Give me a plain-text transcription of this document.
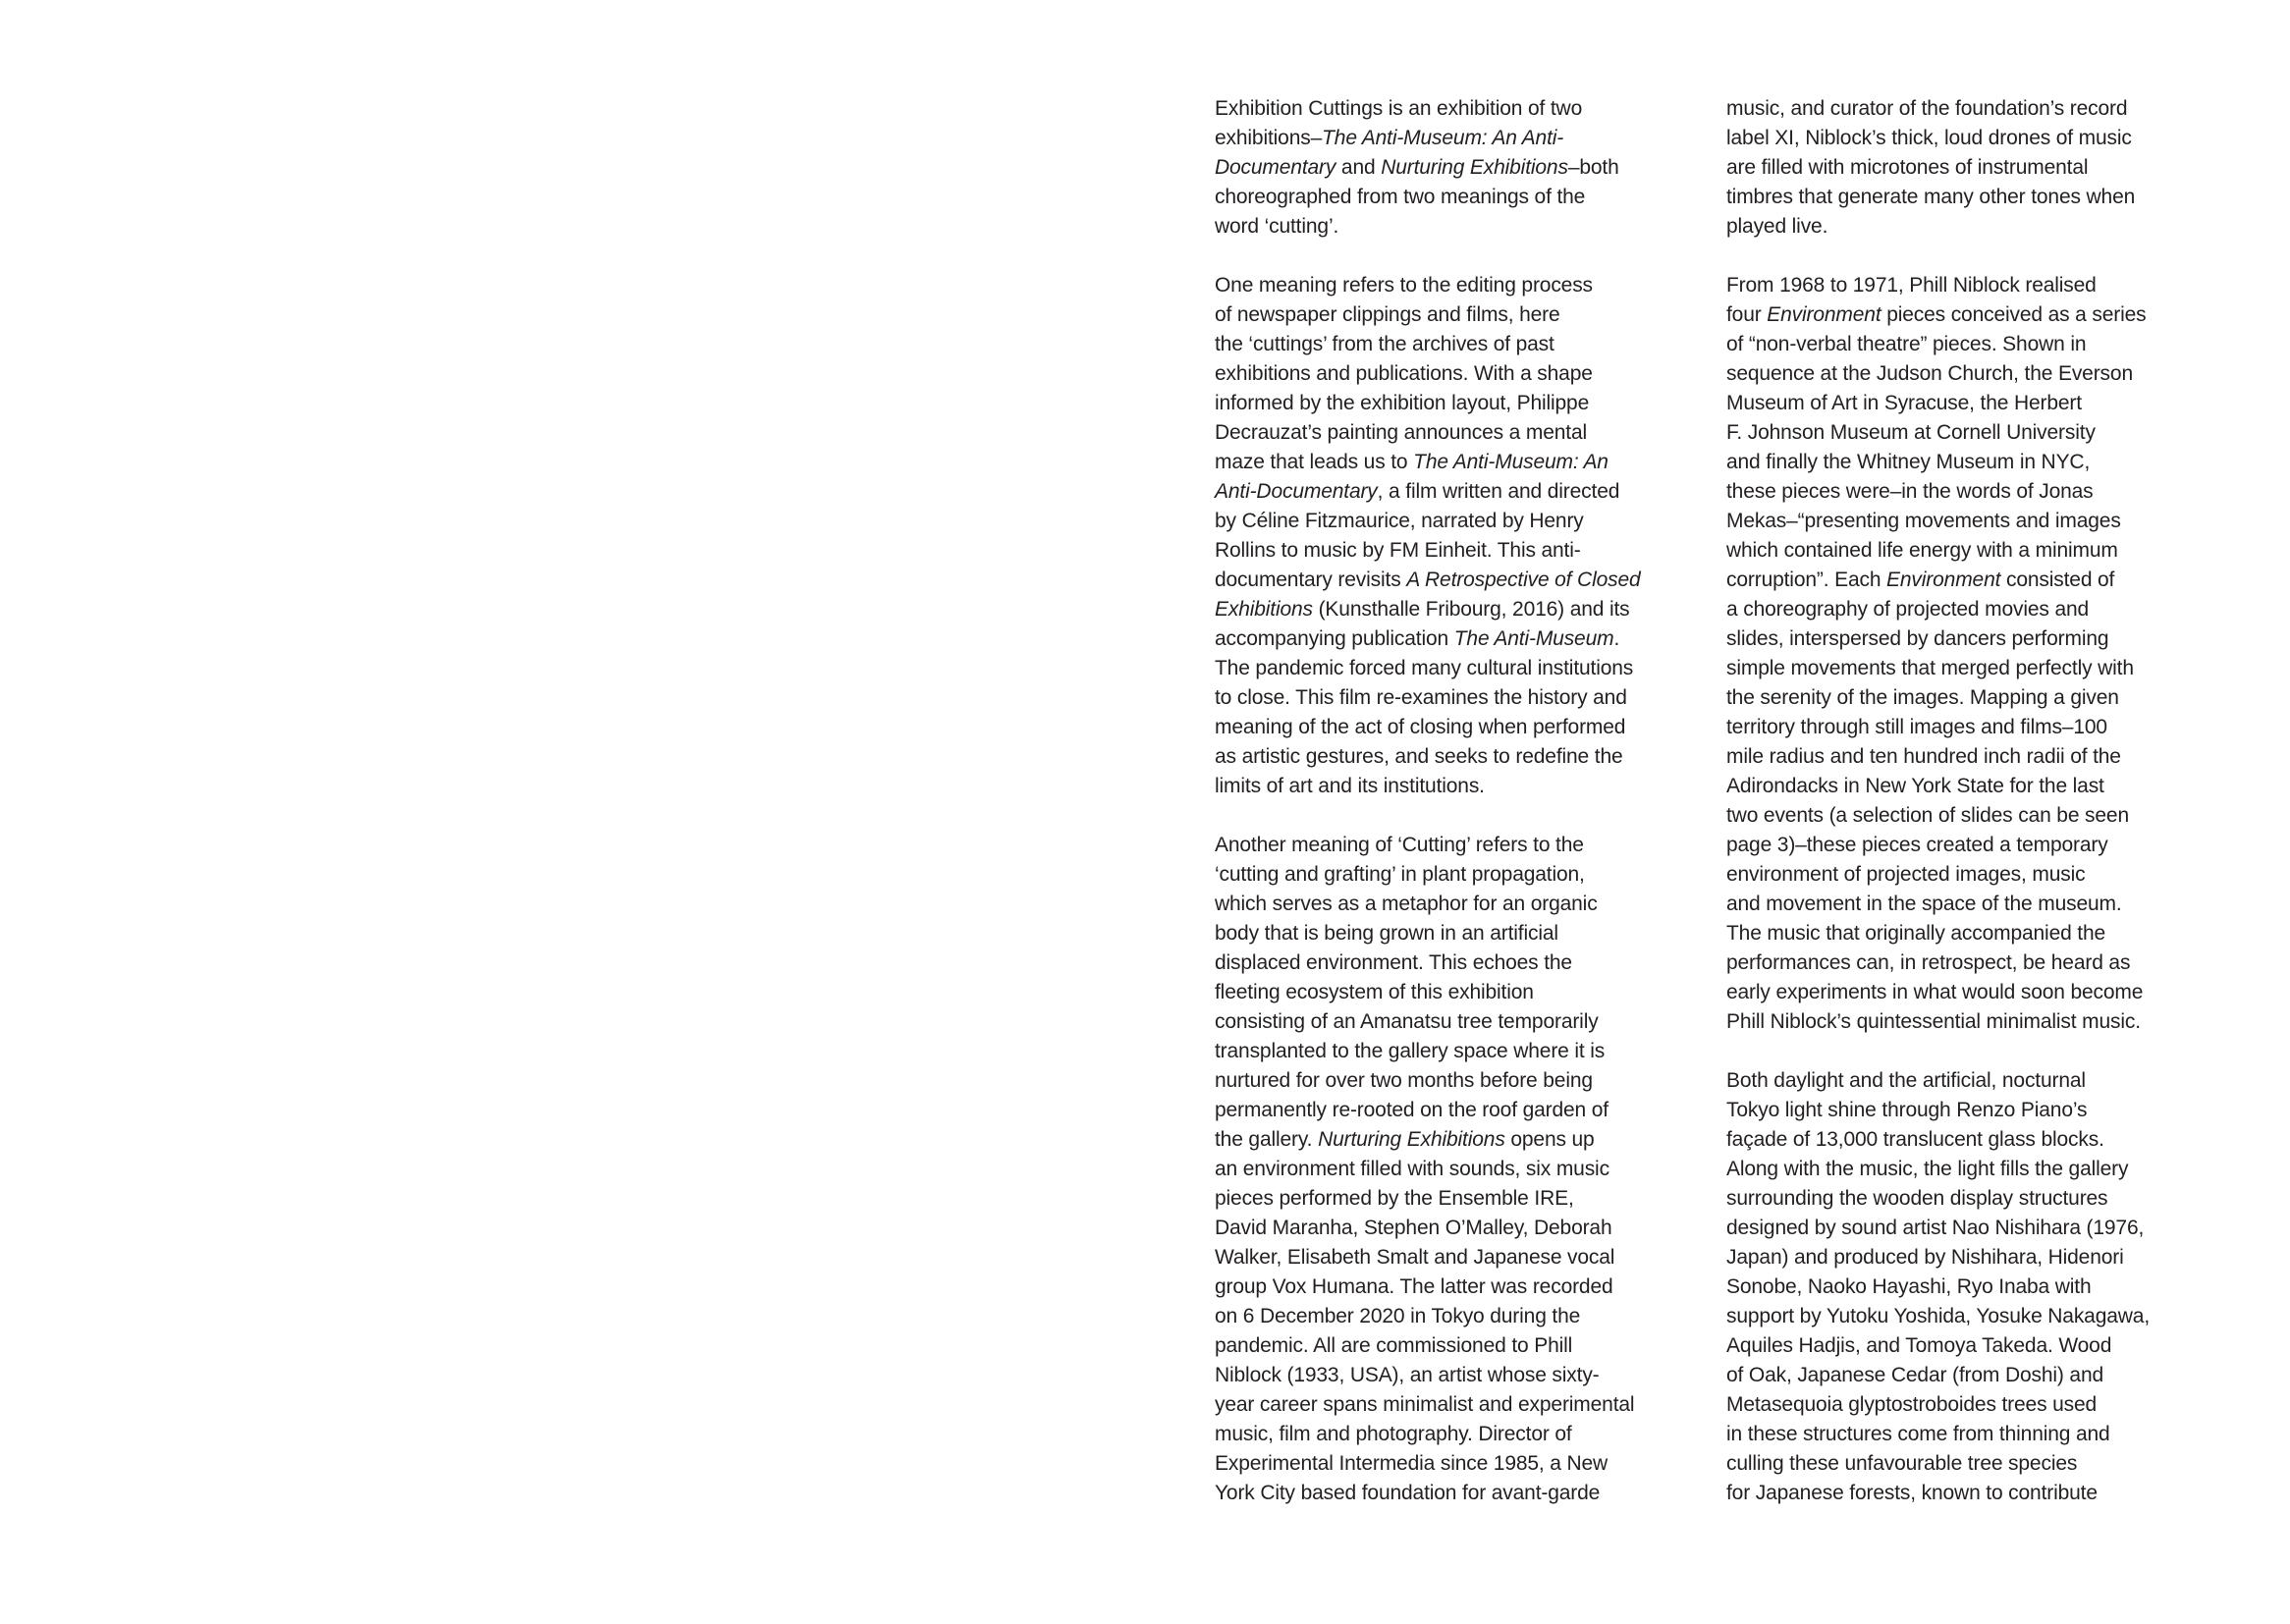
Exhibition Cuttings is an exhibition of two
exhibitions–The Anti-Museum: An Anti-
Documentary and Nurturing Exhibitions–both
choreographed from two meanings of the
word ‘cutting’.
One meaning refers to the editing process
of newspaper clippings and films, here
the ‘cuttings’ from the archives of past
exhibitions and publications. With a shape
informed by the exhibition layout, Philippe
Decrauzat’s painting announces a mental
maze that leads us to The Anti-Museum: An
Anti-Documentary, a film written and directed
by Céline Fitzmaurice, narrated by Henry
Rollins to music by FM Einheit. This anti-
documentary revisits A Retrospective of Closed
Exhibitions (Kunsthalle Fribourg, 2016) and its
accompanying publication The Anti-Museum.
The pandemic forced many cultural institutions
to close. This film re-examines the history and
meaning of the act of closing when performed
as artistic gestures, and seeks to redefine the
limits of art and its institutions.
Another meaning of ‘Cutting’ refers to the
‘cutting and grafting’ in plant propagation,
which serves as a metaphor for an organic
body that is being grown in an artificial
displaced environment. This echoes the
fleeting ecosystem of this exhibition
consisting of an Amanatsu tree temporarily
transplanted to the gallery space where it is
nurtured for over two months before being
permanently re-rooted on the roof garden of
the gallery. Nurturing Exhibitions opens up
an environment filled with sounds, six music
pieces performed by the Ensemble IRE,
David Maranha, Stephen O’Malley, Deborah
Walker, Elisabeth Smalt and Japanese vocal
group Vox Humana. The latter was recorded
on 6 December 2020 in Tokyo during the
pandemic. All are commissioned to Phill
Niblock (1933, USA), an artist whose sixty-
year career spans minimalist and experimental
music, film and photography. Director of
Experimental Intermedia since 1985, a New
York City based foundation for avant-garde
music, and curator of the foundation’s record
label XI, Niblock’s thick, loud drones of music
are filled with microtones of instrumental
timbres that generate many other tones when
played live.
From 1968 to 1971, Phill Niblock realised
four Environment pieces conceived as a series
of “non-verbal theatre” pieces. Shown in
sequence at the Judson Church, the Everson
Museum of Art in Syracuse, the Herbert
F. Johnson Museum at Cornell University
and finally the Whitney Museum in NYC,
these pieces were–in the words of Jonas
Mekas–“presenting movements and images
which contained life energy with a minimum
corruption”. Each Environment consisted of
a choreography of projected movies and
slides, interspersed by dancers performing
simple movements that merged perfectly with
the serenity of the images. Mapping a given
territory through still images and films–100
mile radius and ten hundred inch radii of the
Adirondacks in New York State for the last
two events (a selection of slides can be seen
page 3)–these pieces created a temporary
environment of projected images, music
and movement in the space of the museum.
The music that originally accompanied the
performances can, in retrospect, be heard as
early experiments in what would soon become
Phill Niblock’s quintessential minimalist music.
Both daylight and the artificial, nocturnal
Tokyo light shine through Renzo Piano’s
façade of 13,000 translucent glass blocks.
Along with the music, the light fills the gallery
surrounding the wooden display structures
designed by sound artist Nao Nishihara (1976,
Japan) and produced by Nishihara, Hidenori
Sonobe, Naoko Hayashi, Ryo Inaba with
support by Yutoku Yoshida, Yosuke Nakagawa,
Aquiles Hadjis, and Tomoya Takeda. Wood
of Oak, Japanese Cedar (from Doshi) and
Metasequoia glyptostroboides trees used
in these structures come from thinning and
culling these unfavourable tree species
for Japanese forests, known to contribute
